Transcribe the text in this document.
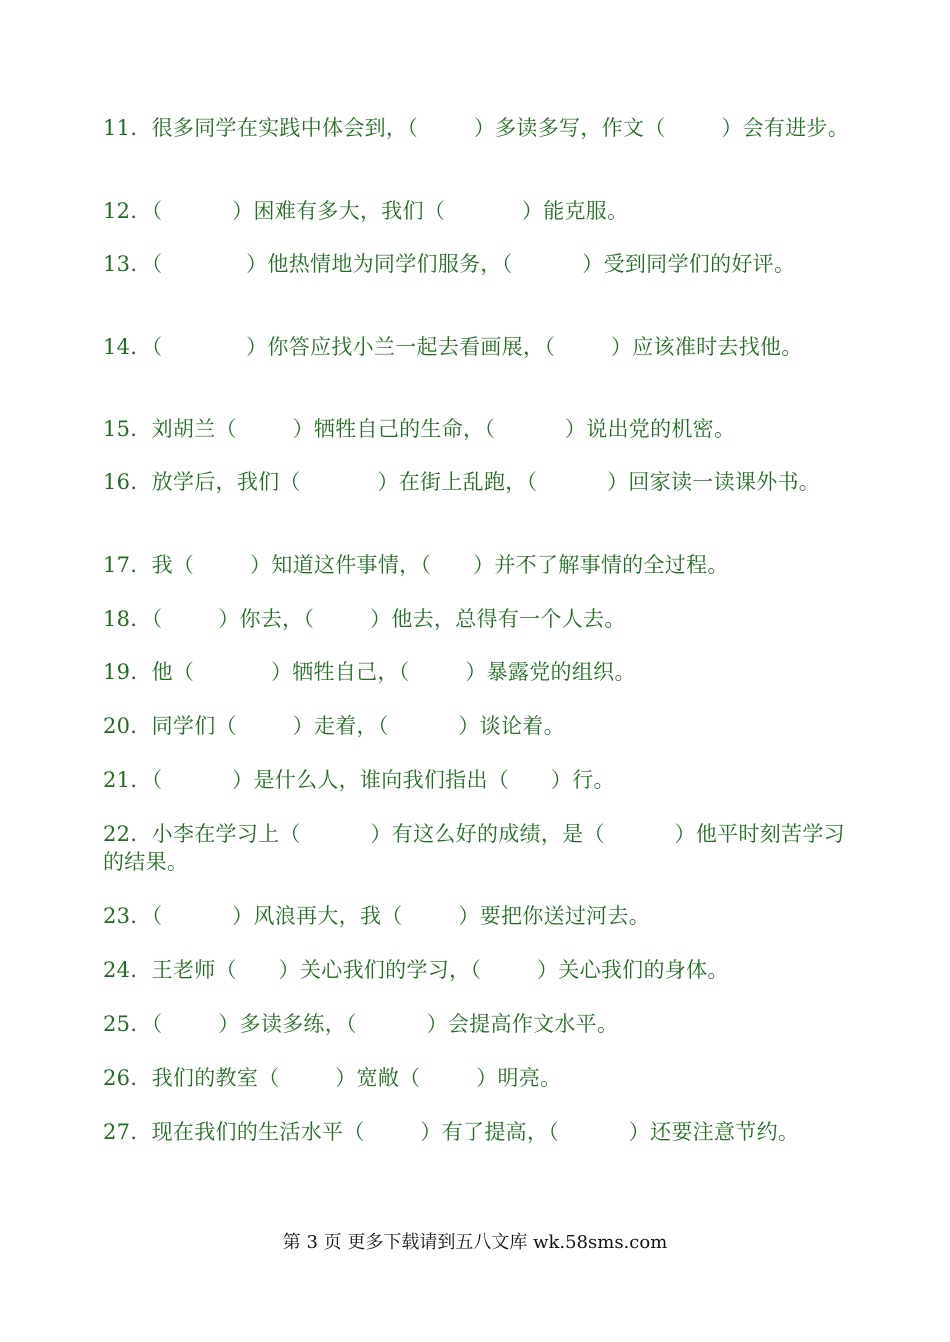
11．很多同学在实践中体会到，（        ）多读多写，作文（        ）会有进步。

12．（          ）困难有多大，我们（           ）能克服。

13．（            ）他热情地为同学们服务，（          ）受到同学们的好评。

14．（            ）你答应找小兰一起去看画展，（        ）应该准时去找他。

15．刘胡兰（        ）牺牲自己的生命，（          ）说出党的机密。

16．放学后，我们（           ）在街上乱跑，（          ）回家读一读课外书。

17．我（        ）知道这件事情，（      ）并不了解事情的全过程。

18．（        ）你去，（        ）他去，总得有一个人去。

19．他（           ）牺牲自己，（        ）暴露党的组织。

20．同学们（        ）走着，（          ）谈论着。

21．（          ）是什么人，谁向我们指出（      ）行。

22．小李在学习上（          ）有这么好的成绩，是（          ）他平时刻苦学习的结果。

23．（          ）风浪再大，我（        ）要把你送过河去。

24．王老师（      ）关心我们的学习，（        ）关心我们的身体。

25．（        ）多读多练，（          ）会提高作文水平。

26．我们的教室（        ）宽敞（        ）明亮。

27．现在我们的生活水平（        ）有了提高，（          ）还要注意节约。

第 3 页 更多下载请到五八文库 wk.58sms.com
